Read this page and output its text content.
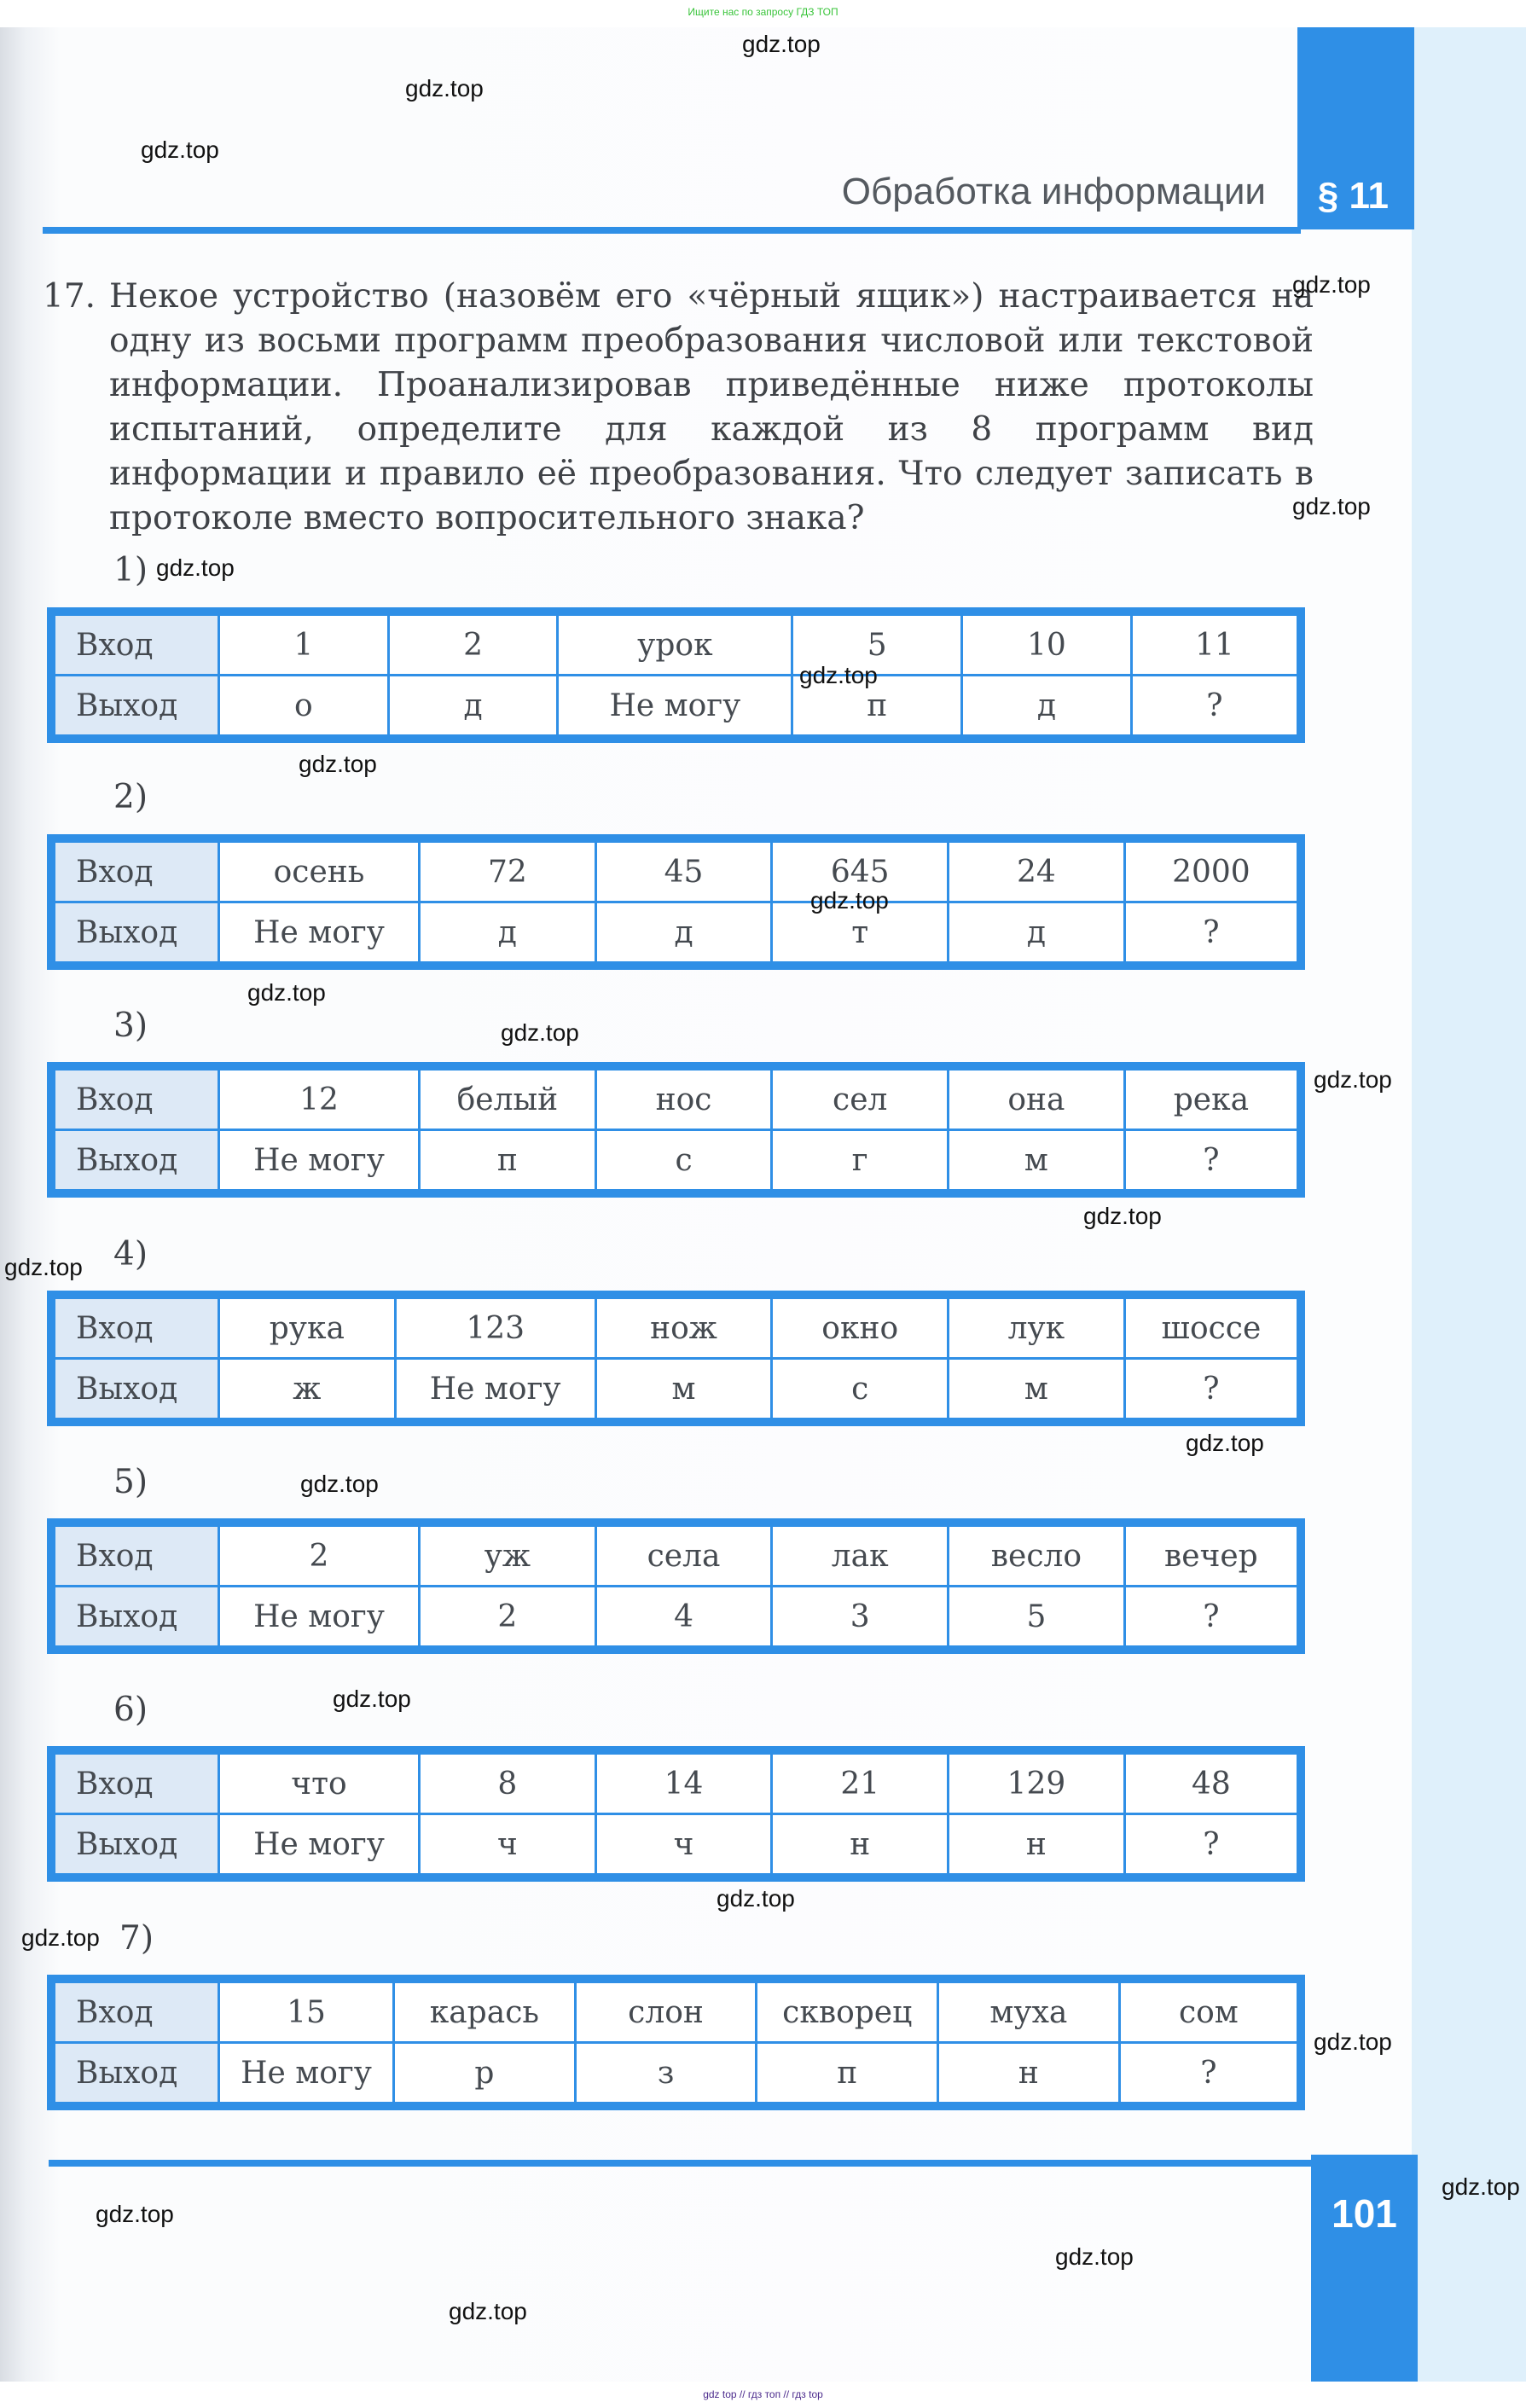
Ищите нас по запросу ГДЗ ТОП
§ 11
Обработка информации
17. Некое устройство (назовём его «чёрный ящик») настраивается на одну из восьми программ преобразования числовой или текстовой информации. Проанализировав приведённые ниже протоколы испытаний, определите для каждой из 8 программ вид информации и правило её преобразования. Что следует записать в протоколе вместо вопросительного знака?
1)
Вход	1	2	урок	5	10	11
Выход	о	д	Не могу	п	д	?
2)
Вход	осень	72	45	645	24	2000
Выход	Не могу	д	д	т	д	?
3)
Вход	12	белый	нос	сел	она	река
Выход	Не могу	п	с	г	м	?
4)
Вход	рука	123	нож	окно	лук	шоссе
Выход	ж	Не могу	м	с	м	?
5)
Вход	2	уж	села	лак	весло	вечер
Выход	Не могу	2	4	3	5	?
6)
Вход	что	8	14	21	129	48
Выход	Не могу	ч	ч	н	н	?
7)
Вход	15	карась	слон	скворец	муха	сом
Выход	Не могу	р	з	п	н	?
101
gdz.top
gdz.top
gdz.top
gdz.top
gdz.top
gdz.top
gdz.top
gdz.top
gdz.top
gdz.top
gdz.top
gdz.top
gdz.top
gdz.top
gdz.top
gdz.top
gdz.top
gdz.top
gdz.top
gdz.top
gdz.top
gdz.top
gdz.top
gdz.top
gdz top // гдз топ // гдз top
